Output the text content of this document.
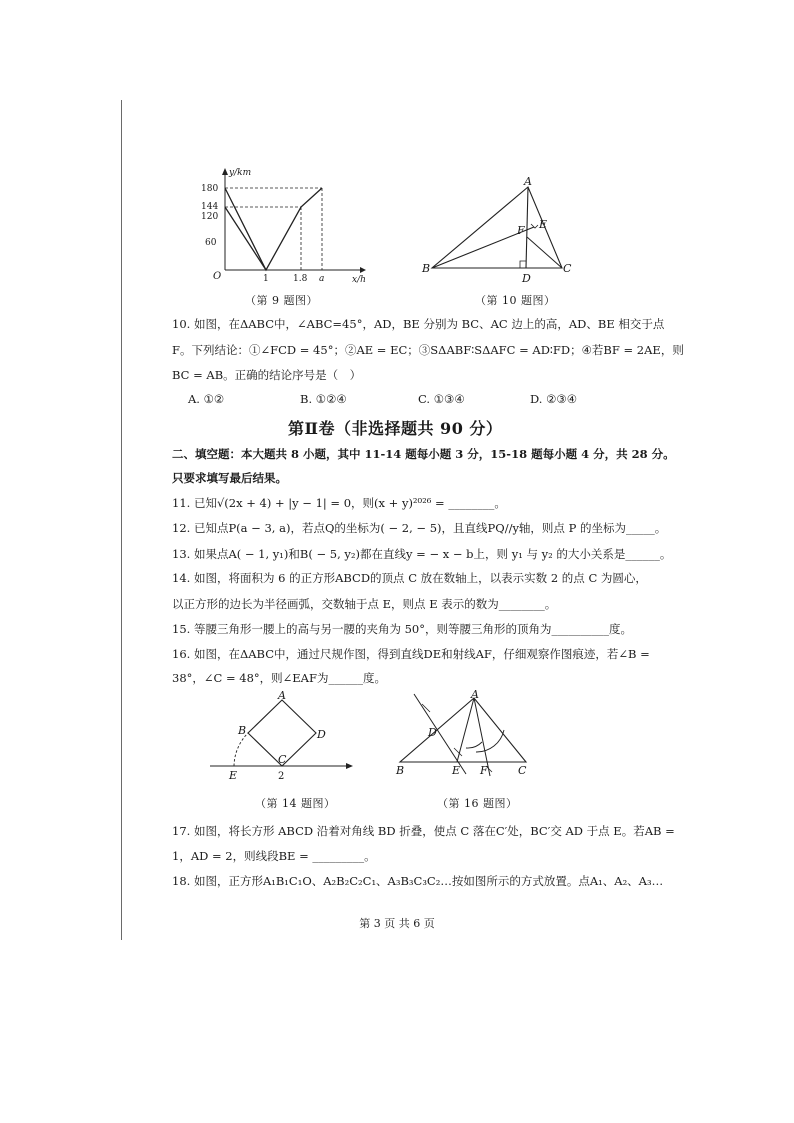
y/km
x/h
O
180
144
120
60
1	1.8 a
（第 9 题图）
A
B	C
D
E
F
（第 10 题图）
10. 如图，在ΔABC中，∠ABC=45°，AD，BE 分别为 BC、AC 边上的高，AD、BE 相交于点
F。下列结论：①∠FCD = 45°；②AE = EC；③SΔABF∶SΔAFC = AD∶FD；④若BF = 2AE，则
BC = AB。正确的结论序号是（　）
A. ①②	B. ①②④	C. ①③④	D. ②③④
第Ⅱ卷（非选择题共 90 分）
二、填空题：本大题共 8 小题，其中 11-14 题每小题 3 分，15-18 题每小题 4 分，共 28 分。
只要求填写最后结果。
11. 已知√(2x + 4) + |y − 1| = 0，则(x + y)²⁰²⁶ = ________。
12. 已知点P(a − 3, a)，若点Q的坐标为( − 2, − 5)，且直线PQ//y轴，则点 P 的坐标为_____。
13. 如果点A( − 1, y₁)和B( − 5, y₂)都在直线y = − x − b上，则 y₁ 与 y₂ 的大小关系是______。
14. 如图，将面积为 6 的正方形ABCD的顶点 C 放在数轴上，以表示实数 2 的点 C 为圆心，
以正方形的边长为半径画弧，交数轴于点 E，则点 E 表示的数为________。
15. 等腰三角形一腰上的高与另一腰的夹角为 50°，则等腰三角形的顶角为__________度。
16. 如图，在ΔABC中，通过尺规作图，得到直线DE和射线AF，仔细观察作图痕迹，若∠B =
38°，∠C = 48°，则∠EAF为______度。
A
B
C
D
E	2
（第 14 题图）
A
B	C
D
E F
（第 16 题图）
17. 如图，将长方形 ABCD 沿着对角线 BD 折叠，使点 C 落在C′处，BC′交 AD 于点 E。若AB =
1，AD = 2，则线段BE = _________。
18. 如图，正方形A₁B₁C₁O、A₂B₂C₂C₁、A₃B₃C₃C₂…按如图所示的方式放置。点A₁、A₂、A₃…
第 3 页 共 6 页
